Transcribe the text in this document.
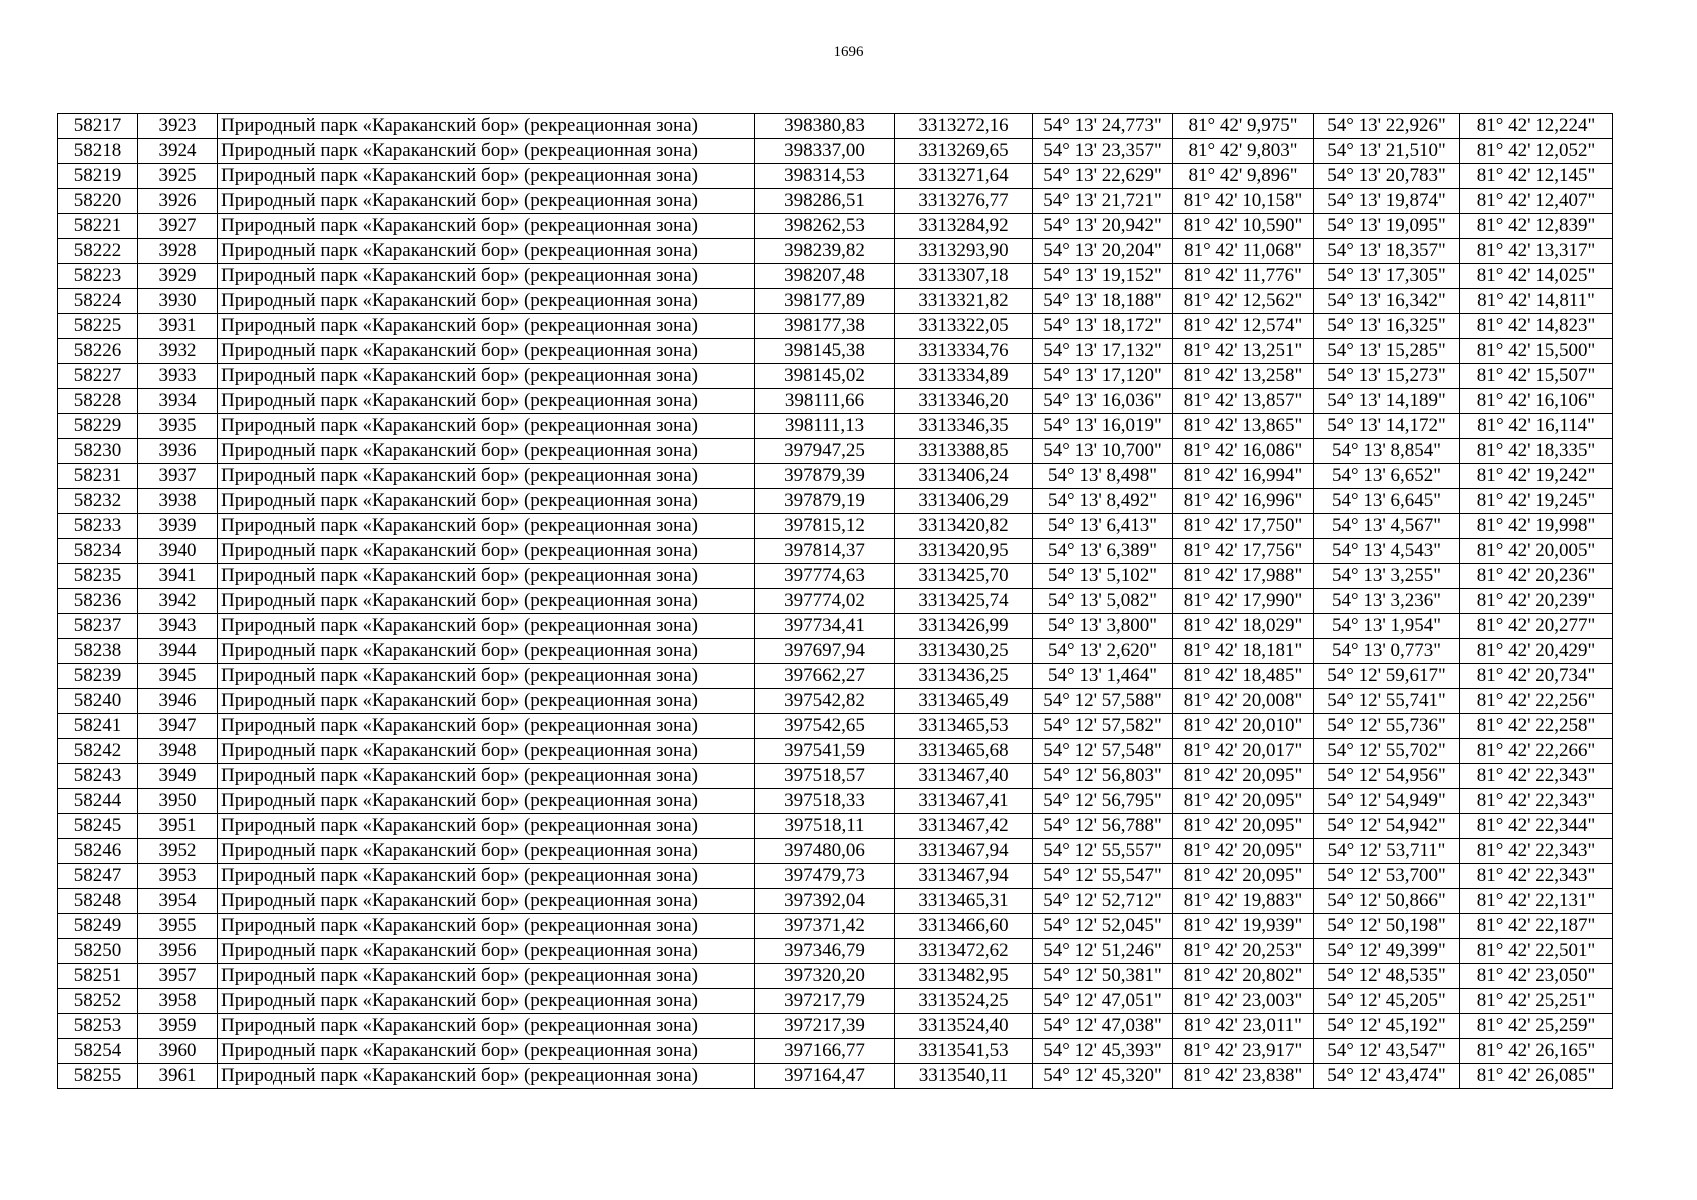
1696
58217	3923	Природный парк «Караканский бор» (рекреационная зона)	398380,83	3313272,16	54° 13' 24,773"	81° 42' 9,975"	54° 13' 22,926"	81° 42' 12,224"
58218	3924	Природный парк «Караканский бор» (рекреационная зона)	398337,00	3313269,65	54° 13' 23,357"	81° 42' 9,803"	54° 13' 21,510"	81° 42' 12,052"
58219	3925	Природный парк «Караканский бор» (рекреационная зона)	398314,53	3313271,64	54° 13' 22,629"	81° 42' 9,896"	54° 13' 20,783"	81° 42' 12,145"
58220	3926	Природный парк «Караканский бор» (рекреационная зона)	398286,51	3313276,77	54° 13' 21,721"	81° 42' 10,158"	54° 13' 19,874"	81° 42' 12,407"
58221	3927	Природный парк «Караканский бор» (рекреационная зона)	398262,53	3313284,92	54° 13' 20,942"	81° 42' 10,590"	54° 13' 19,095"	81° 42' 12,839"
58222	3928	Природный парк «Караканский бор» (рекреационная зона)	398239,82	3313293,90	54° 13' 20,204"	81° 42' 11,068"	54° 13' 18,357"	81° 42' 13,317"
58223	3929	Природный парк «Караканский бор» (рекреационная зона)	398207,48	3313307,18	54° 13' 19,152"	81° 42' 11,776"	54° 13' 17,305"	81° 42' 14,025"
58224	3930	Природный парк «Караканский бор» (рекреационная зона)	398177,89	3313321,82	54° 13' 18,188"	81° 42' 12,562"	54° 13' 16,342"	81° 42' 14,811"
58225	3931	Природный парк «Караканский бор» (рекреационная зона)	398177,38	3313322,05	54° 13' 18,172"	81° 42' 12,574"	54° 13' 16,325"	81° 42' 14,823"
58226	3932	Природный парк «Караканский бор» (рекреационная зона)	398145,38	3313334,76	54° 13' 17,132"	81° 42' 13,251"	54° 13' 15,285"	81° 42' 15,500"
58227	3933	Природный парк «Караканский бор» (рекреационная зона)	398145,02	3313334,89	54° 13' 17,120"	81° 42' 13,258"	54° 13' 15,273"	81° 42' 15,507"
58228	3934	Природный парк «Караканский бор» (рекреационная зона)	398111,66	3313346,20	54° 13' 16,036"	81° 42' 13,857"	54° 13' 14,189"	81° 42' 16,106"
58229	3935	Природный парк «Караканский бор» (рекреационная зона)	398111,13	3313346,35	54° 13' 16,019"	81° 42' 13,865"	54° 13' 14,172"	81° 42' 16,114"
58230	3936	Природный парк «Караканский бор» (рекреационная зона)	397947,25	3313388,85	54° 13' 10,700"	81° 42' 16,086"	54° 13' 8,854"	81° 42' 18,335"
58231	3937	Природный парк «Караканский бор» (рекреационная зона)	397879,39	3313406,24	54° 13' 8,498"	81° 42' 16,994"	54° 13' 6,652"	81° 42' 19,242"
58232	3938	Природный парк «Караканский бор» (рекреационная зона)	397879,19	3313406,29	54° 13' 8,492"	81° 42' 16,996"	54° 13' 6,645"	81° 42' 19,245"
58233	3939	Природный парк «Караканский бор» (рекреационная зона)	397815,12	3313420,82	54° 13' 6,413"	81° 42' 17,750"	54° 13' 4,567"	81° 42' 19,998"
58234	3940	Природный парк «Караканский бор» (рекреационная зона)	397814,37	3313420,95	54° 13' 6,389"	81° 42' 17,756"	54° 13' 4,543"	81° 42' 20,005"
58235	3941	Природный парк «Караканский бор» (рекреационная зона)	397774,63	3313425,70	54° 13' 5,102"	81° 42' 17,988"	54° 13' 3,255"	81° 42' 20,236"
58236	3942	Природный парк «Караканский бор» (рекреационная зона)	397774,02	3313425,74	54° 13' 5,082"	81° 42' 17,990"	54° 13' 3,236"	81° 42' 20,239"
58237	3943	Природный парк «Караканский бор» (рекреационная зона)	397734,41	3313426,99	54° 13' 3,800"	81° 42' 18,029"	54° 13' 1,954"	81° 42' 20,277"
58238	3944	Природный парк «Караканский бор» (рекреационная зона)	397697,94	3313430,25	54° 13' 2,620"	81° 42' 18,181"	54° 13' 0,773"	81° 42' 20,429"
58239	3945	Природный парк «Караканский бор» (рекреационная зона)	397662,27	3313436,25	54° 13' 1,464"	81° 42' 18,485"	54° 12' 59,617"	81° 42' 20,734"
58240	3946	Природный парк «Караканский бор» (рекреационная зона)	397542,82	3313465,49	54° 12' 57,588"	81° 42' 20,008"	54° 12' 55,741"	81° 42' 22,256"
58241	3947	Природный парк «Караканский бор» (рекреационная зона)	397542,65	3313465,53	54° 12' 57,582"	81° 42' 20,010"	54° 12' 55,736"	81° 42' 22,258"
58242	3948	Природный парк «Караканский бор» (рекреационная зона)	397541,59	3313465,68	54° 12' 57,548"	81° 42' 20,017"	54° 12' 55,702"	81° 42' 22,266"
58243	3949	Природный парк «Караканский бор» (рекреационная зона)	397518,57	3313467,40	54° 12' 56,803"	81° 42' 20,095"	54° 12' 54,956"	81° 42' 22,343"
58244	3950	Природный парк «Караканский бор» (рекреационная зона)	397518,33	3313467,41	54° 12' 56,795"	81° 42' 20,095"	54° 12' 54,949"	81° 42' 22,343"
58245	3951	Природный парк «Караканский бор» (рекреационная зона)	397518,11	3313467,42	54° 12' 56,788"	81° 42' 20,095"	54° 12' 54,942"	81° 42' 22,344"
58246	3952	Природный парк «Караканский бор» (рекреационная зона)	397480,06	3313467,94	54° 12' 55,557"	81° 42' 20,095"	54° 12' 53,711"	81° 42' 22,343"
58247	3953	Природный парк «Караканский бор» (рекреационная зона)	397479,73	3313467,94	54° 12' 55,547"	81° 42' 20,095"	54° 12' 53,700"	81° 42' 22,343"
58248	3954	Природный парк «Караканский бор» (рекреационная зона)	397392,04	3313465,31	54° 12' 52,712"	81° 42' 19,883"	54° 12' 50,866"	81° 42' 22,131"
58249	3955	Природный парк «Караканский бор» (рекреационная зона)	397371,42	3313466,60	54° 12' 52,045"	81° 42' 19,939"	54° 12' 50,198"	81° 42' 22,187"
58250	3956	Природный парк «Караканский бор» (рекреационная зона)	397346,79	3313472,62	54° 12' 51,246"	81° 42' 20,253"	54° 12' 49,399"	81° 42' 22,501"
58251	3957	Природный парк «Караканский бор» (рекреационная зона)	397320,20	3313482,95	54° 12' 50,381"	81° 42' 20,802"	54° 12' 48,535"	81° 42' 23,050"
58252	3958	Природный парк «Караканский бор» (рекреационная зона)	397217,79	3313524,25	54° 12' 47,051"	81° 42' 23,003"	54° 12' 45,205"	81° 42' 25,251"
58253	3959	Природный парк «Караканский бор» (рекреационная зона)	397217,39	3313524,40	54° 12' 47,038"	81° 42' 23,011"	54° 12' 45,192"	81° 42' 25,259"
58254	3960	Природный парк «Караканский бор» (рекреационная зона)	397166,77	3313541,53	54° 12' 45,393"	81° 42' 23,917"	54° 12' 43,547"	81° 42' 26,165"
58255	3961	Природный парк «Караканский бор» (рекреационная зона)	397164,47	3313540,11	54° 12' 45,320"	81° 42' 23,838"	54° 12' 43,474"	81° 42' 26,085"
